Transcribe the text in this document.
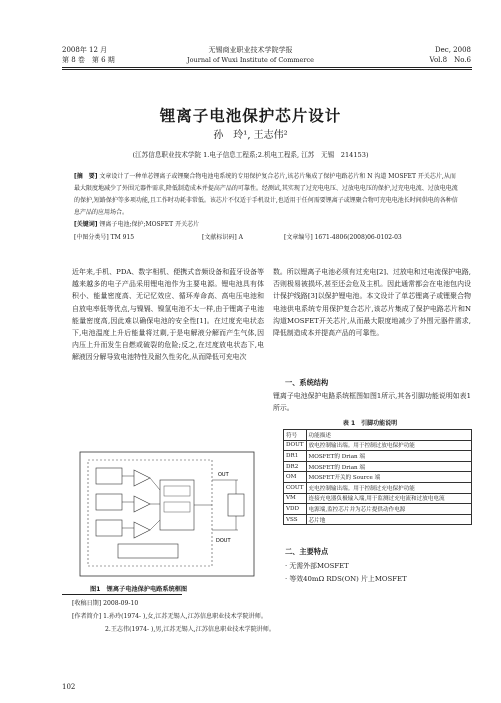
2008年 12 月
第 8 卷　第 6 期
无锡商业职业技术学院学报
Journal of Wuxi Institute of Commerce
Dec, 2008
Vol.8　No.6
锂离子电池保护芯片设计
孙　玲¹, 王志伟²
(江苏信息职业技术学院 1.电子信息工程系;2.机电工程系, 江苏　无锡　214153)
[摘　要] 文章设计了一种单芯锂离子或锂聚合物电池电系统的专用保护复合芯片,该芯片集成了保护电路芯片和 N 沟道 MOSFET 开关芯片,从而最大限度地减少了外围元器件需求,降低制造成本并提高产品的可靠性。经测试,其实现了过充电电压、过放电电压的保护,过充电电流、过放电电流的保护,短路保护等多项功能,且工作时功耗非常低。该芯片不仅适于手机设计,也适用于任何需要锂离子或锂聚合物可充电电池长时间供电的各种信息产品的应用场合。
[关键词] 锂离子电池;保护;MOSFET 开关芯片
[中图分类号] TM 915	[文献标识码] A	[文章编号] 1671-4806(2008)06-0102-03
近年来,手机、PDA、数字相机、便携式音频设备和蓝牙设备等越来越多的电子产品采用锂电池作为主要电源。锂电池具有体积小、能量密度高、无记忆效应、循环寿命高、高电压电池和自放电率低等优点,与镍镉、镍氢电池不太一样,由于锂离子电池能量密度高,因此难以确保电池的安全性[1]。在过度充电状态下,电池温度上升后能量将过剩,于是电解液分解而产生气体,因内压上升而发生自燃或破裂的危险;反之,在过度放电状态下,电解液因分解导致电池特性及耐久性劣化,从而降低可充电次
OUT
DOUT
图1　锂离子电池保护电路系统框图
数。所以锂离子电池必须有过充电[2]、过放电和过电流保护电路,否则极易被损坏,甚至还会危及主机。因此通常都会在电池包内设计保护线路[3]以保护锂电池。本文设计了单芯锂离子或锂聚合物电池供电系统专用保护复合芯片,该芯片集成了保护电路芯片和N沟道MOSFET开关芯片,从而最大限度地减少了外围元器件需求,降低制造成本并提高产品的可靠性。
一、系统结构
锂离子电池保护电路系统框图如图1所示,其各引脚功能说明如表1所示。
表 1　引脚功能说明
符号	功能描述
DOUT	放电控制输出端。用于控制过放电保护功能
DR1	MOSFET的 Drian 端
DR2	MOSFET的 Drian 端
OM	MOSFET开关的 Source 端
COUT	充电控制输出端。用于控制过充电保护功能
VM	连接充电器负极输入端,用于监测过充电流和过放电电流
VDD	电源端,监控芯片并为芯片提供动作电源
VSS	芯片地
二、主要特点
· 无需外部MOSFET
· 等效40mΩ RDS(ON) 片上MOSFET
[收稿日期] 2008-09-10
[作者简介] 1.孙玲(1974- ),女,江苏无锡人,江苏信息职业技术学院讲师。
2.王志伟(1974- ),男,江苏无锡人,江苏信息职业技术学院讲师。
102
